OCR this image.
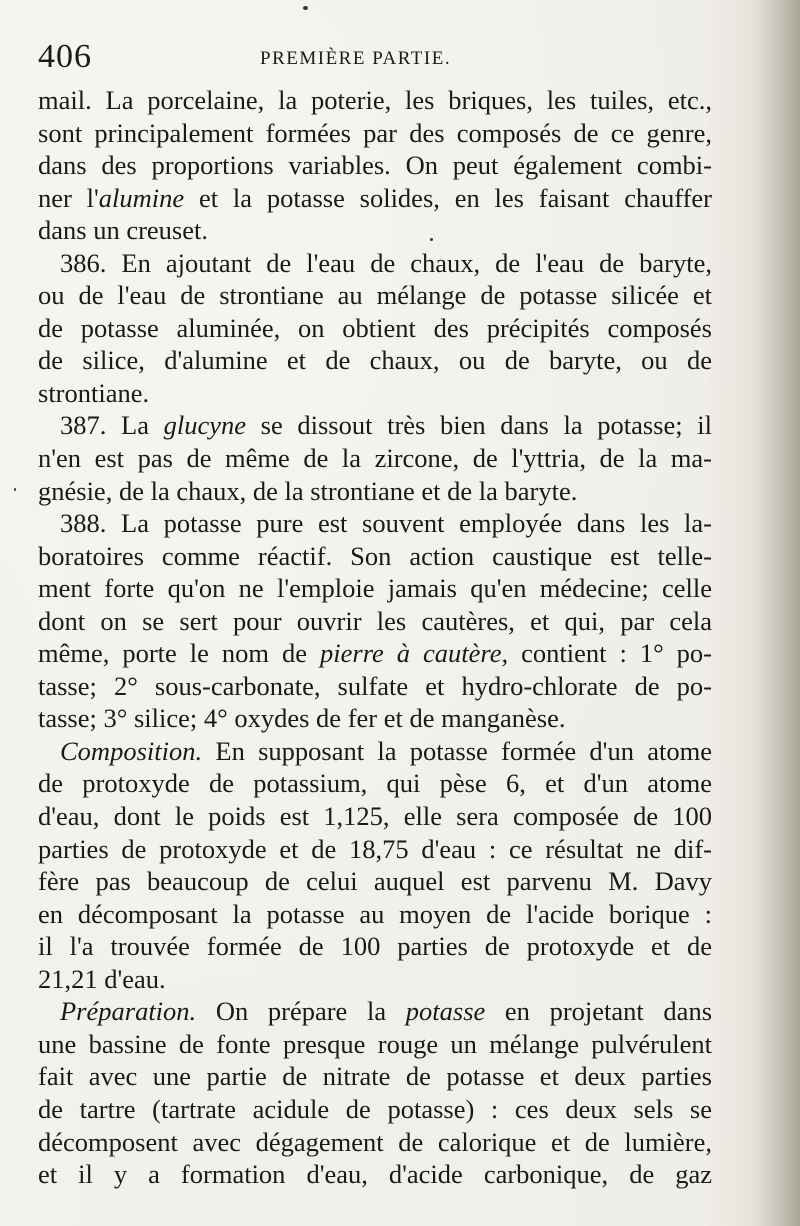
406	PREMIÈRE PARTIE.
mail. La porcelaine, la poterie, les briques, les tuiles, etc.,
sont principalement formées par des composés de ce genre,
dans des proportions variables. On peut également combi-
ner l'alumine et la potasse solides, en les faisant chauffer
dans un creuset.
386. En ajoutant de l'eau de chaux, de l'eau de baryte,
ou de l'eau de strontiane au mélange de potasse silicée et
de potasse aluminée, on obtient des précipités composés
de silice, d'alumine et de chaux, ou de baryte, ou de
strontiane.
387. La glucyne se dissout très bien dans la potasse; il
n'en est pas de même de la zircone, de l'yttria, de la ma-
gnésie, de la chaux, de la strontiane et de la baryte.
388. La potasse pure est souvent employée dans les la-
boratoires comme réactif. Son action caustique est telle-
ment forte qu'on ne l'emploie jamais qu'en médecine; celle
dont on se sert pour ouvrir les cautères, et qui, par cela
même, porte le nom de pierre à cautère, contient : 1° po-
tasse; 2° sous-carbonate, sulfate et hydro-chlorate de po-
tasse; 3° silice; 4° oxydes de fer et de manganèse.
Composition. En supposant la potasse formée d'un atome
de protoxyde de potassium, qui pèse 6, et d'un atome
d'eau, dont le poids est 1,125, elle sera composée de 100
parties de protoxyde et de 18,75 d'eau : ce résultat ne dif-
fère pas beaucoup de celui auquel est parvenu M. Davy
en décomposant la potasse au moyen de l'acide borique :
il l'a trouvée formée de 100 parties de protoxyde et de
21,21 d'eau.
Préparation. On prépare la potasse en projetant dans
une bassine de fonte presque rouge un mélange pulvérulent
fait avec une partie de nitrate de potasse et deux parties
de tartre (tartrate acidule de potasse) : ces deux sels se
décomposent avec dégagement de calorique et de lumière,
et il y a formation d'eau, d'acide carbonique, de gaz
